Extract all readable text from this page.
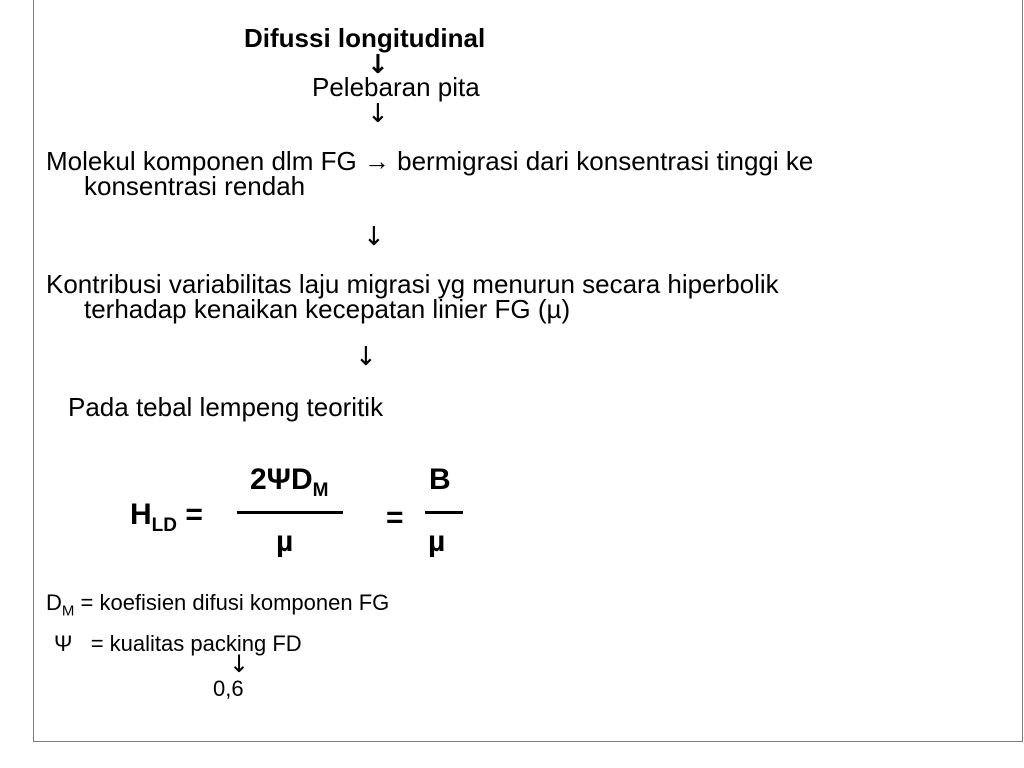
Difussi longitudinal
↓
Pelebaran pita
↓
Molekul komponen dlm FG → bermigrasi dari konsentrasi tinggi ke
konsentrasi rendah
↓
Kontribusi variabilitas laju migrasi yg menurun secara hiperbolik
terhadap kenaikan kecepatan linier FG (µ)
↓
Pada tebal lempeng teoritik
$H_{LD}$ =
$2\Psi D_M$
µ
=
B
µ
$D_M$ = koefisien difusi komponen FG
Ψ   = kualitas packing FD
↓
0,6
